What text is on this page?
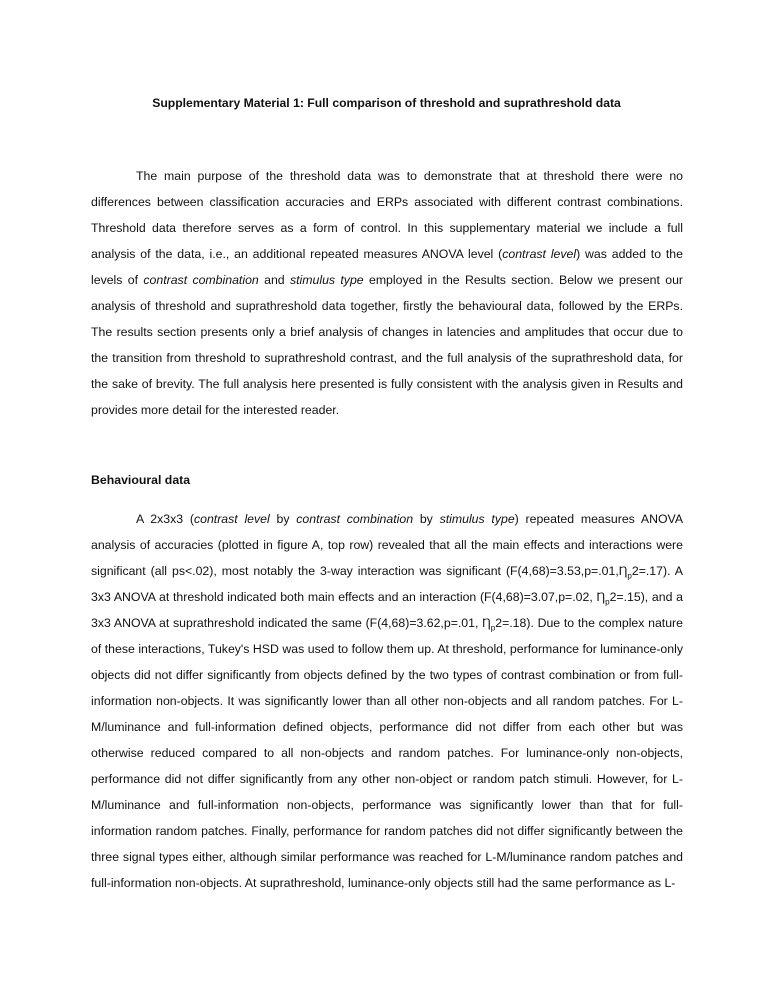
Supplementary Material 1: Full comparison of threshold and suprathreshold data

The main purpose of the threshold data was to demonstrate that at threshold there were no differences between classification accuracies and ERPs associated with different contrast combinations. Threshold data therefore serves as a form of control. In this supplementary material we include a full analysis of the data, i.e., an additional repeated measures ANOVA level (contrast level) was added to the levels of contrast combination and stimulus type employed in the Results section. Below we present our analysis of threshold and suprathreshold data together, firstly the behavioural data, followed by the ERPs. The results section presents only a brief analysis of changes in latencies and amplitudes that occur due to the transition from threshold to suprathreshold contrast, and the full analysis of the suprathreshold data, for the sake of brevity. The full analysis here presented is fully consistent with the analysis given in Results and provides more detail for the interested reader.

Behavioural data

A 2x3x3 (contrast level by contrast combination by stimulus type) repeated measures ANOVA analysis of accuracies (plotted in figure A, top row) revealed that all the main effects and interactions were significant (all ps<.02), most notably the 3-way interaction was significant $(F(4,68)=3.53,p=.01,Ƞ_p2=.17)$. A 3x3 ANOVA at threshold indicated both main effects and an interaction (F(4,68)=3.07,p=.02, $Ƞ_p2=.15$), and a 3x3 ANOVA at suprathreshold indicated the same (F(4,68)=3.62,p=.01, $Ƞ_p2=.18$). Due to the complex nature of these interactions, Tukey's HSD was used to follow them up. At threshold, performance for luminance-only objects did not differ significantly from objects defined by the two types of contrast combination or from full-information non-objects. It was significantly lower than all other non-objects and all random patches. For L-M/luminance and full-information defined objects, performance did not differ from each other but was otherwise reduced compared to all non-objects and random patches. For luminance-only non-objects, performance did not differ significantly from any other non-object or random patch stimuli. However, for L-M/luminance and full-information non-objects, performance was significantly lower than that for full-information random patches. Finally, performance for random patches did not differ significantly between the three signal types either, although similar performance was reached for L-M/luminance random patches and full-information non-objects. At suprathreshold, luminance-only objects still had the same performance as L-
